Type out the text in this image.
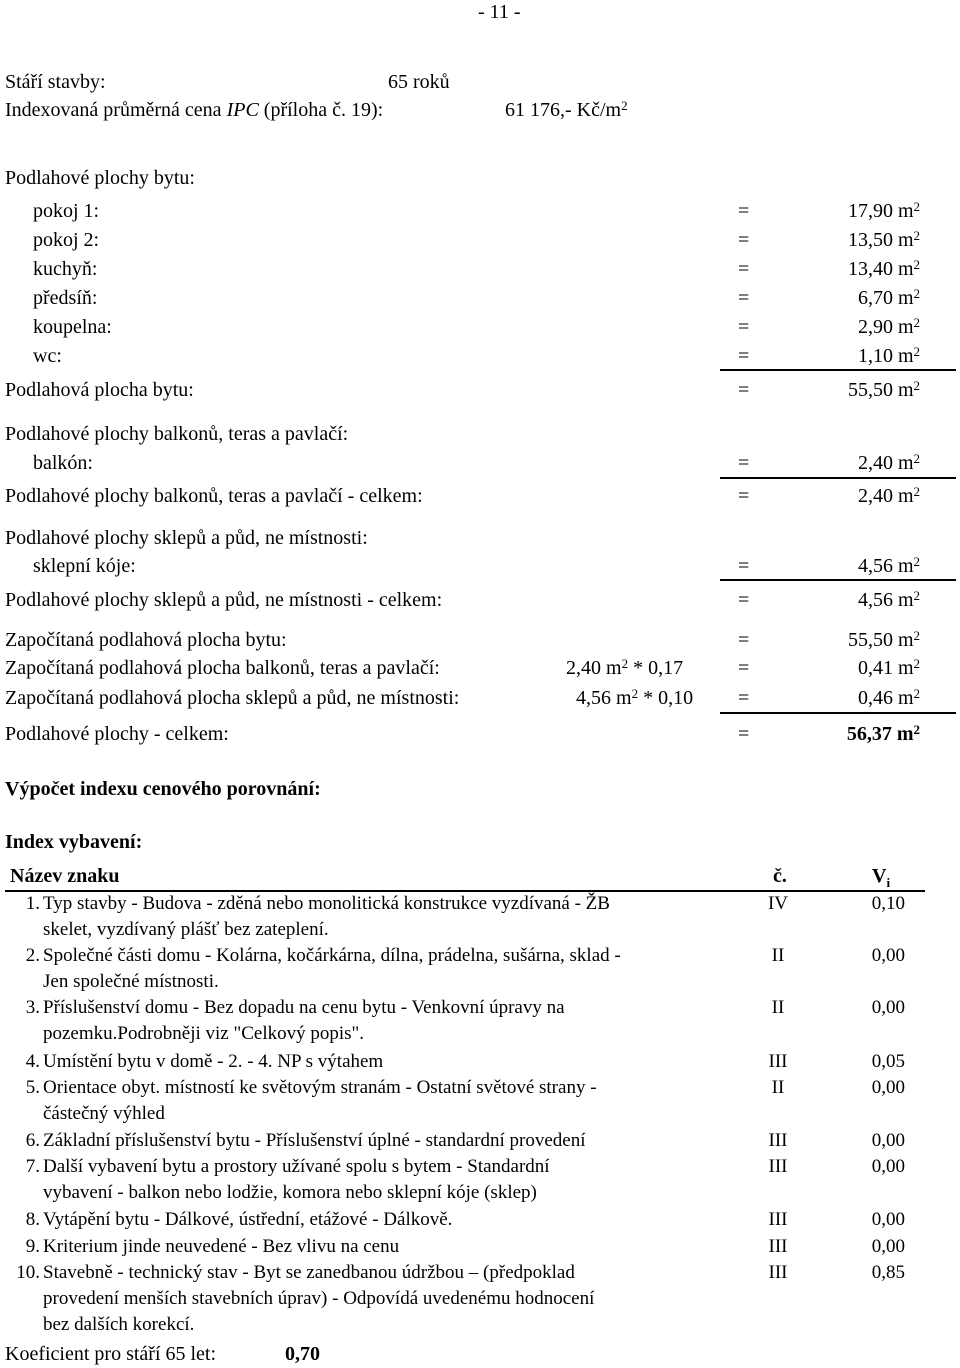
- 11 -
Stáří stavby:	65 roků
Indexovaná průměrná cena IPC (příloha č. 19):	61 176,- $Kč/m^2$
Podlahové plochy bytu:
pokoj 1:	=	17,90 $m^2$
pokoj 2:	=	13,50 $m^2$
kuchyň:	=	13,40 $m^2$
předsíň:	=	6,70 $m^2$
koupelna:	=	2,90 $m^2$
wc:	=	1,10 $m^2$
Podlahová plocha bytu:	=	55,50 $m^2$
Podlahové plochy balkonů, teras a pavlačí:
balkón:	=	2,40 $m^2$
Podlahové plochy balkonů, teras a pavlačí - celkem:	=	2,40 $m^2$
Podlahové plochy sklepů a půd, ne místnosti:
sklepní kóje:	=	4,56 $m^2$
Podlahové plochy sklepů a půd, ne místnosti - celkem:	=	4,56 $m^2$
Započítaná podlahová plocha bytu:	=	55,50 $m^2$
Započítaná podlahová plocha balkonů, teras a pavlačí:	2,40 $m^2 * 0,17$	=	0,41 $m^2$
Započítaná podlahová plocha sklepů a půd, ne místnosti:	4,56 $m^2 * 0,10$ =	0,46 $m^2$
Podlahové plochy - celkem:	=	56,37 $m^2$
Výpočet indexu cenového porovnání:
Index vybavení:
Název znaku	č.	$V_i$
1. Typ stavby - Budova - zděná nebo monolitická konstrukce vyzdívaná - ŽB
skelet, vyzdívaný plášť bez zateplení.
IV	0,10
2. Společné části domu - Kolárna, kočárkárna, dílna, prádelna, sušárna, sklad -
Jen společné místnosti.
II	0,00
3. Příslušenství domu - Bez dopadu na cenu bytu - Venkovní úpravy na
pozemku.Podrobněji viz "Celkový popis".
II	0,00
4. Umístění bytu v domě - 2. - 4. NP s výtahem	III	0,05
5. Orientace obyt. místností ke světovým stranám - Ostatní světové strany -
částečný výhled
II	0,00
6. Základní příslušenství bytu - Příslušenství úplné - standardní provedení	III	0,00
7. Další vybavení bytu a prostory užívané spolu s bytem - Standardní
vybavení - balkon nebo lodžie, komora nebo sklepní kóje (sklep)
III	0,00
8. Vytápění bytu - Dálkové, ústřední, etážové - Dálkově.	III	0,00
9. Kriterium jinde neuvedené - Bez vlivu na cenu	III	0,00
10. Stavebně - technický stav - Byt se zanedbanou údržbou – (předpoklad
provedení menších stavebních úprav) - Odpovídá uvedenému hodnocení
bez dalších korekcí.
III	0,85
Koeficient pro stáří 65 let:	0,70
